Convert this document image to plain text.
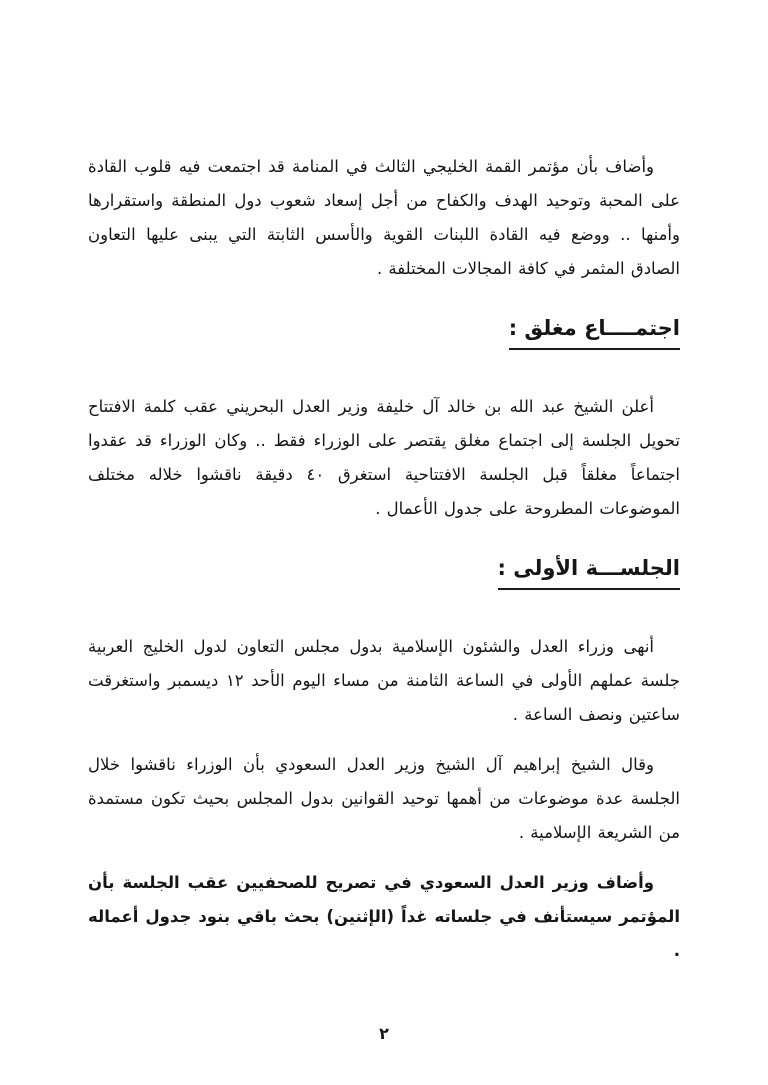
وأضاف بأن مؤتمر القمة الخليجي الثالث في المنامة قد اجتمعت فيه قلوب القادة على المحبة وتوحيد الهدف والكفاح من أجل إسعاد شعوب دول المنطقة واستقرارها وأمنها .. ووضع فيه القادة اللبنات القوية والأسس الثابتة التي يبنى عليها التعاون الصادق المثمر في كافة المجالات المختلفة .

اجتمــــاع مغلق :

أعلن الشيخ عبد الله بن خالد آل خليفة وزير العدل البحريني عقب كلمة الافتتاح تحويل الجلسة إلى اجتماع مغلق يقتصر على الوزراء فقط .. وكان الوزراء قد عقدوا اجتماعاً مغلقاً قبل الجلسة الافتتاحية استغرق ٤٠ دقيقة ناقشوا خلاله مختلف الموضوعات المطروحة على جدول الأعمال .

الجلســـة الأولى :

أنهى وزراء العدل والشئون الإسلامية بدول مجلس التعاون لدول الخليج العربية جلسة عملهم الأولى في الساعة الثامنة من مساء اليوم الأحد ١٢ ديسمبر واستغرقت ساعتين ونصف الساعة .

وقال الشيخ إبراهيم آل الشيخ وزير العدل السعودي بأن الوزراء ناقشوا خلال الجلسة عدة موضوعات من أهمها توحيد القوانين بدول المجلس بحيث تكون مستمدة من الشريعة الإسلامية .

وأضاف وزير العدل السعودي في تصريح للصحفيين عقب الجلسة بأن المؤتمر سيستأنف في جلساته غداً (الإثنين) بحث باقي بنود جدول أعماله .

٢
